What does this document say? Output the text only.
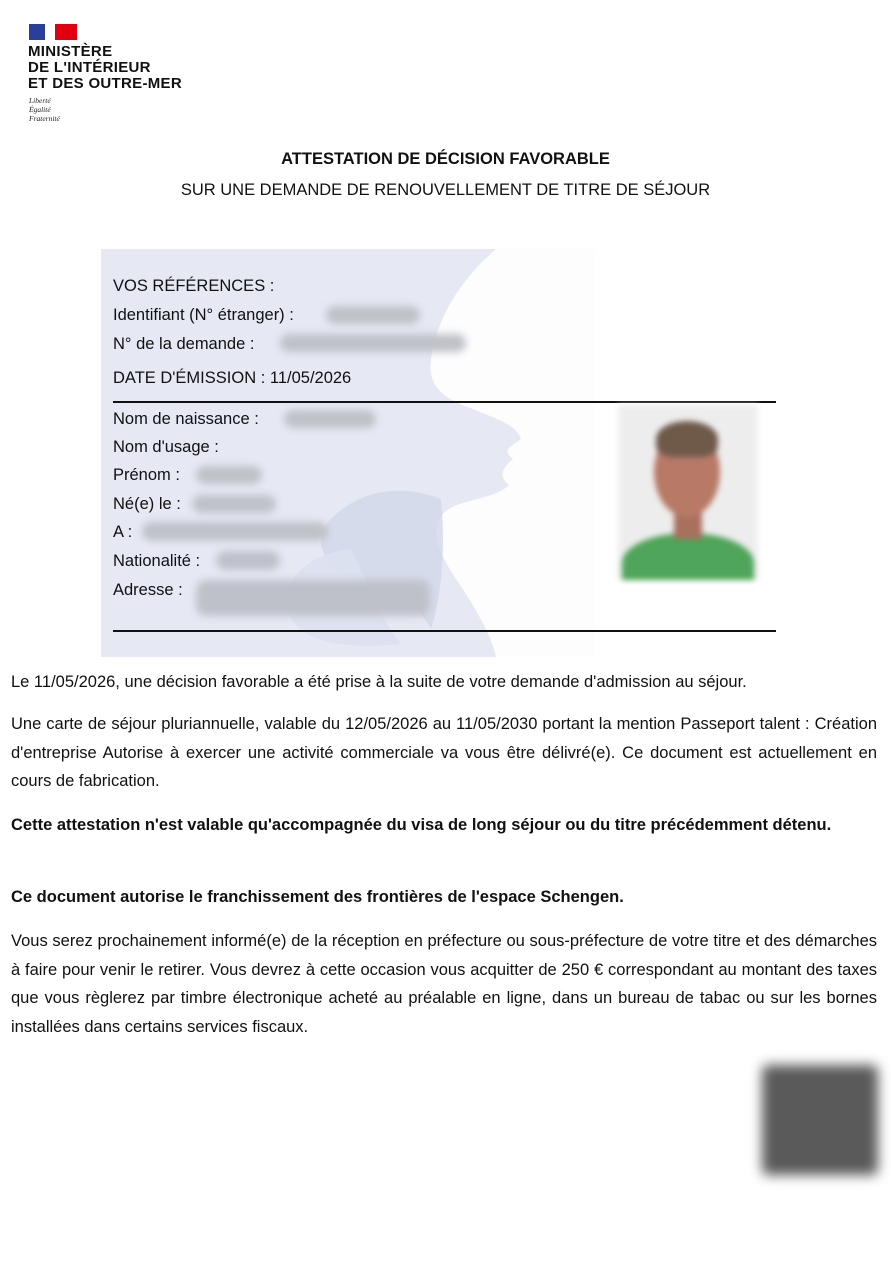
MINISTÈRE
DE L'INTÉRIEUR
ET DES OUTRE-MER
Liberté
Égalité
Fraternité
ATTESTATION DE DÉCISION FAVORABLE
SUR UNE DEMANDE DE RENOUVELLEMENT DE TITRE DE SÉJOUR
VOS RÉFÉRENCES :
Identifiant (N° étranger) :
N° de la demande :
DATE D'ÉMISSION : 11/05/2026
Nom de naissance :
Nom d'usage :
Prénom :
Né(e) le :
A :
Nationalité :
Adresse :

Le 11/05/2026, une décision favorable a été prise à la suite de votre demande d'admission au séjour.

Une carte de séjour pluriannuelle, valable du 12/05/2026 au 11/05/2030 portant la mention Passeport talent : Création d'entreprise Autorise à exercer une activité commerciale va vous être délivré(e). Ce document est actuellement en cours de fabrication.

Cette attestation n'est valable qu'accompagnée du visa de long séjour ou du titre précédemment détenu.

Ce document autorise le franchissement des frontières de l'espace Schengen.

Vous serez prochainement informé(e) de la réception en préfecture ou sous-préfecture de votre titre et des démarches à faire pour venir le retirer. Vous devrez à cette occasion vous acquitter de 250 € correspondant au montant des taxes que vous règlerez par timbre électronique acheté au préalable en ligne, dans un bureau de tabac ou sur les bornes installées dans certains services fiscaux.
